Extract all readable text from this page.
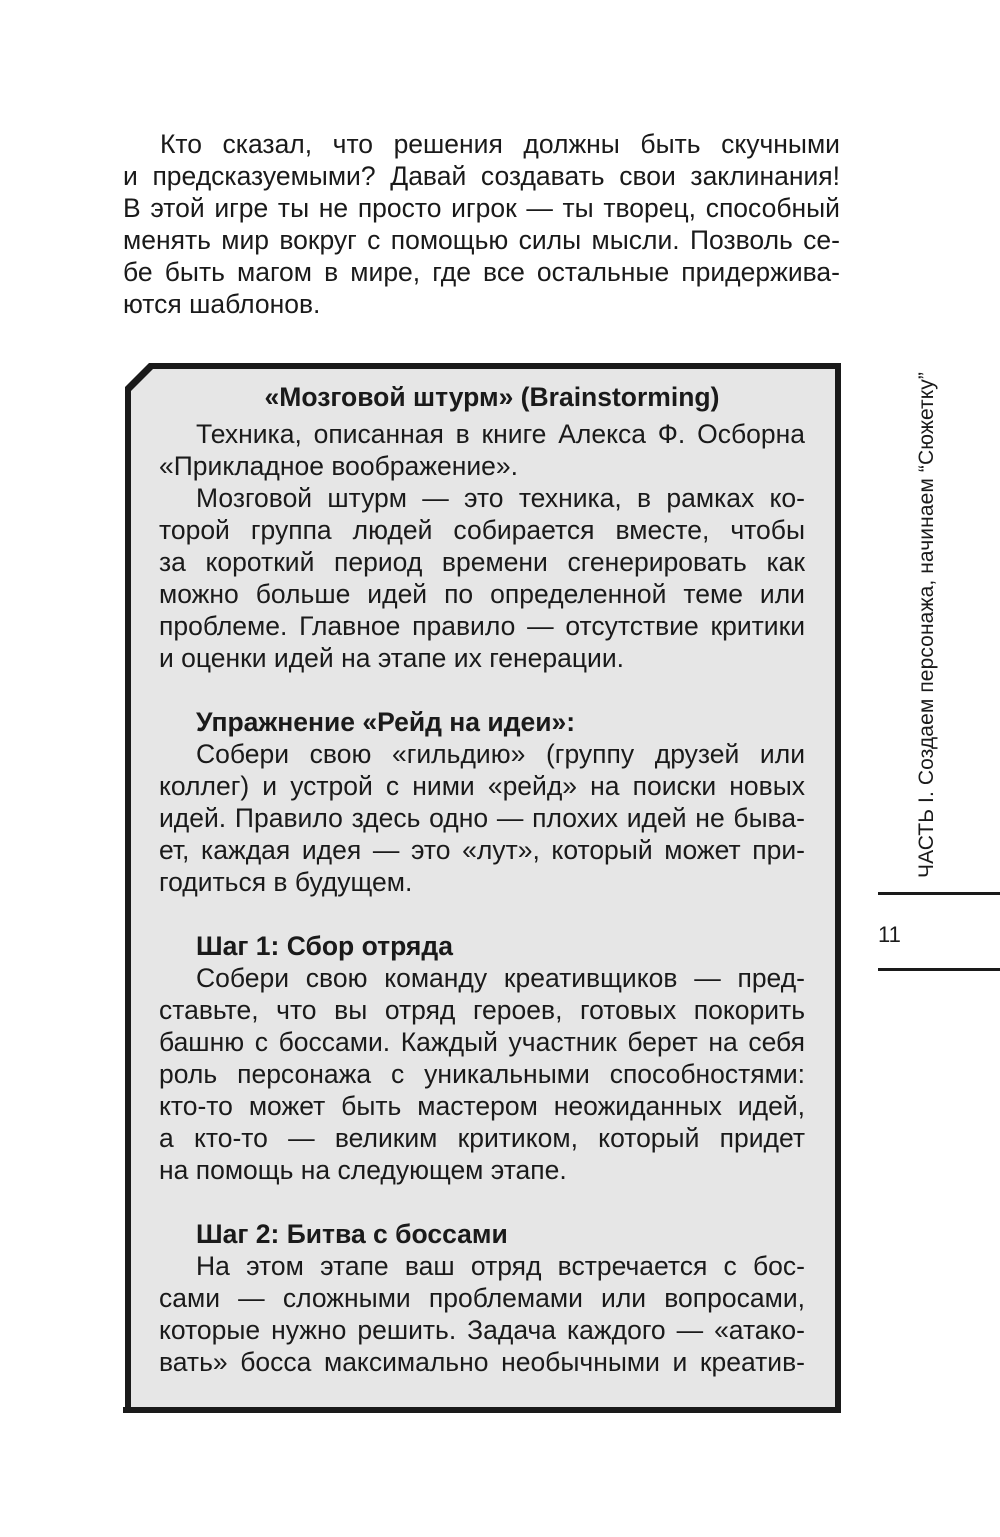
Кто сказал, что решения должны быть скучными
и предсказуемыми? Давай создавать свои заклинания!
В этой игре ты не просто игрок — ты творец, способный
менять мир вокруг с помощью силы мысли. Позволь се-
бе быть магом в мире, где все остальные придержива-
ются шаблонов.

«Мозговой штурм» (Brainstorming)
Техника, описанная в книге Алекса Ф. Осборна
«Прикладное воображение».
Мозговой штурм — это техника, в рамках ко-
торой группа людей собирается вместе, чтобы
за короткий период времени сгенерировать как
можно больше идей по определенной теме или
проблеме. Главное правило — отсутствие критики
и оценки идей на этапе их генерации.
Упражнение «Рейд на идеи»:
Собери свою «гильдию» (группу друзей или
коллег) и устрой с ними «рейд» на поиски новых
идей. Правило здесь одно — плохих идей не быва-
ет, каждая идея — это «лут», который может при-
годиться в будущем.
Шаг 1: Сбор отряда
Собери свою команду креативщиков — пред-
ставьте, что вы отряд героев, готовых покорить
башню с боссами. Каждый участник берет на себя
роль персонажа с уникальными способностями:
кто-то может быть мастером неожиданных идей,
а кто-то — великим критиком, который придет
на помощь на следующем этапе.
Шаг 2: Битва с боссами
На этом этапе ваш отряд встречается с бос-
сами — сложными проблемами или вопросами,
которые нужно решить. Задача каждого — «атако-
вать» босса максимально необычными и креатив-
ЧАСТЬ I. Создаем персонажа, начинаем “Сюжетку”
11
